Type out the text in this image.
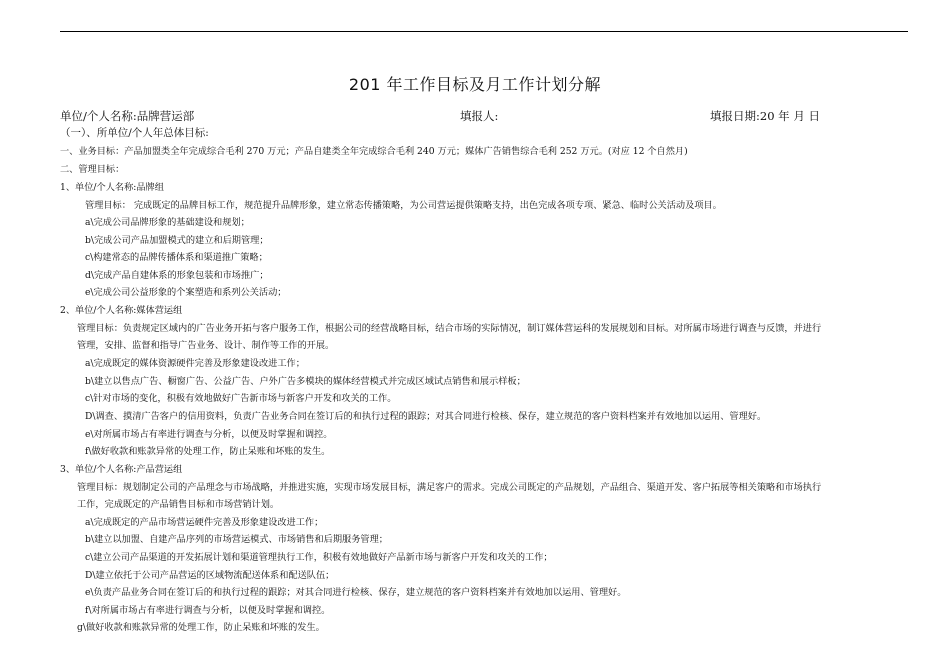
201 年工作目标及月工作计划分解
单位/个人名称:品牌营运部	填报人:	填报日期:20 年 月 日
（一）、所单位/个人年总体目标:
一、业务目标：产品加盟类全年完成综合毛利 270 万元；产品自建类全年完成综合毛利 240 万元；媒体广告销售综合毛利 252 万元。(对应 12 个自然月)
二、管理目标：
1、单位/个人名称:品牌组
管理目标： 完成既定的品牌目标工作，规范提升品牌形象，建立常态传播策略，为公司营运提供策略支持，出色完成各项专项、紧急、临时公关活动及项目。
a\完成公司品牌形象的基础建设和规划；
b\完成公司产品加盟模式的建立和后期管理；
c\构建常态的品牌传播体系和渠道推广策略；
d\完成产品自建体系的形象包装和市场推广；
e\完成公司公益形象的个案塑造和系列公关活动；
2、单位/个人名称:媒体营运组
管理目标：负责规定区域内的广告业务开拓与客户服务工作，根据公司的经营战略目标，结合市场的实际情况，制订媒体营运科的发展规划和目标。对所属市场进行调查与反馈，并进行
管理，安排、监督和指导广告业务、设计、制作等工作的开展。
a\完成既定的媒体资源硬件完善及形象建设改进工作；
b\建立以售点广告、橱窗广告、公益广告、户外广告多模块的媒体经营模式并完成区域试点销售和展示样板；
c\针对市场的变化，积极有效地做好广告新市场与新客户开发和攻关的工作。
D\调查、摸清广告客户的信用资料，负责广告业务合同在签订后的和执行过程的跟踪；对其合同进行检核、保存，建立规范的客户资料档案并有效地加以运用、管理好。
e\对所属市场占有率进行调查与分析，以便及时掌握和调控。
f\做好收款和账款异常的处理工作，防止呆账和坏账的发生。
3、单位/个人名称:产品营运组
管理目标：规划制定公司的产品理念与市场战略，并推进实施，实现市场发展目标，满足客户的需求。完成公司既定的产品规划，产品组合、渠道开发、客户拓展等相关策略和市场执行
工作，完成既定的产品销售目标和市场营销计划。
a\完成既定的产品市场营运硬件完善及形象建设改进工作；
b\建立以加盟、自建产品序列的市场营运模式、市场销售和后期服务管理；
c\建立公司产品渠道的开发拓展计划和渠道管理执行工作，积极有效地做好产品新市场与新客户开发和攻关的工作；
D\建立依托于公司产品营运的区域物流配送体系和配送队伍；
e\负责产品业务合同在签订后的和执行过程的跟踪；对其合同进行检核、保存，建立规范的客户资料档案并有效地加以运用、管理好。
f\对所属市场占有率进行调查与分析，以便及时掌握和调控。
g\做好收款和账款异常的处理工作，防止呆账和坏账的发生。
